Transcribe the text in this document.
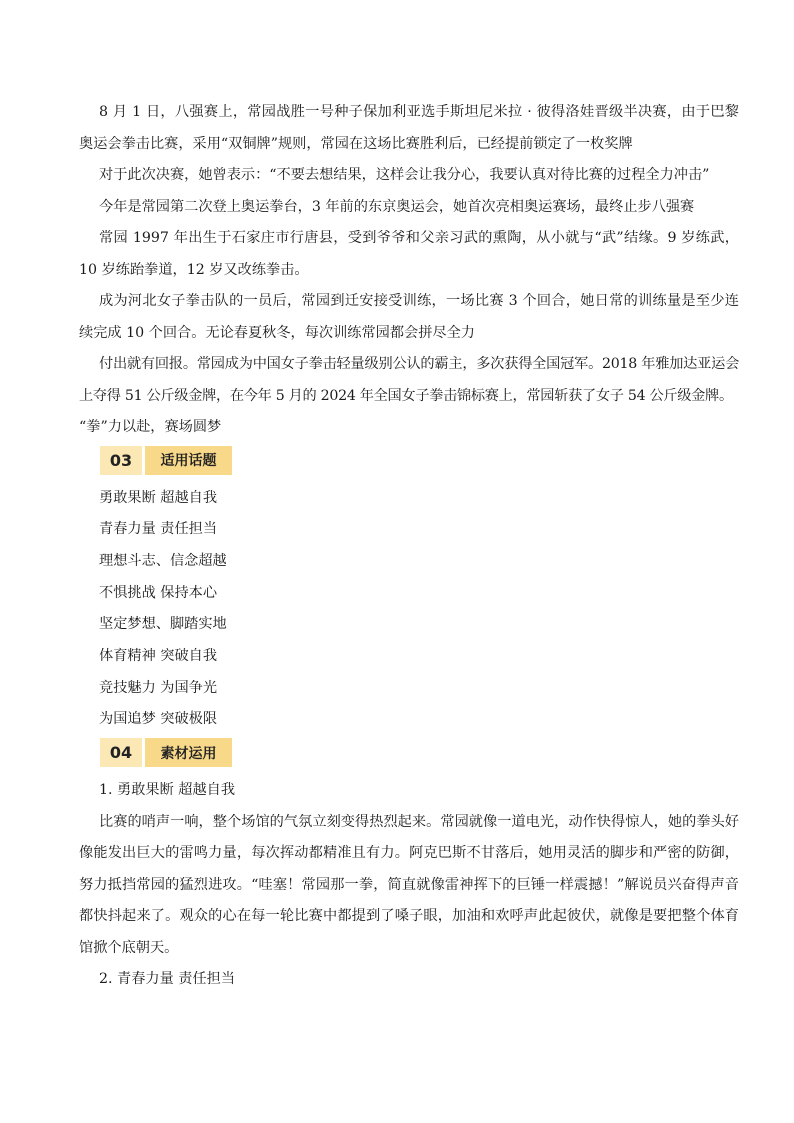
8 月 1 日，八强赛上，常园战胜一号种子保加利亚选手斯坦尼米拉 · 彼得洛娃晋级半决赛，由于巴黎奥运会拳击比赛，采用“双铜牌”规则，常园在这场比赛胜利后，已经提前锁定了一枚奖牌

对于此次决赛，她曾表示：“不要去想结果，这样会让我分心，我要认真对待比赛的过程全力冲击”

今年是常园第二次登上奥运拳台，3 年前的东京奥运会，她首次亮相奥运赛场，最终止步八强赛

常园 1997 年出生于石家庄市行唐县，受到爷爷和父亲习武的熏陶，从小就与“武”结缘。9 岁练武，10 岁练跆拳道，12 岁又改练拳击。

成为河北女子拳击队的一员后，常园到迁安接受训练，一场比赛 3 个回合，她日常的训练量是至少连续完成 10 个回合。无论春夏秋冬，每次训练常园都会拼尽全力

付出就有回报。常园成为中国女子拳击轻量级别公认的霸主，多次获得全国冠军。2018 年雅加达亚运会上夺得 51 公斤级金牌，在今年 5 月的 2024 年全国女子拳击锦标赛上，常园斩获了女子 54 公斤级金牌。

“拳”力以赴，赛场圆梦

03	适用话题
勇敢果断 超越自我
青春力量 责任担当
理想斗志、信念超越
不惧挑战 保持本心
坚定梦想、脚踏实地
体育精神 突破自我
竞技魅力 为国争光
为国追梦 突破极限
04	素材运用

1. 勇敢果断 超越自我

比赛的哨声一响，整个场馆的气氛立刻变得热烈起来。常园就像一道电光，动作快得惊人，她的拳头好像能发出巨大的雷鸣力量，每次挥动都精准且有力。阿克巴斯不甘落后，她用灵活的脚步和严密的防御，努力抵挡常园的猛烈进攻。“哇塞！常园那一拳，简直就像雷神挥下的巨锤一样震撼！”解说员兴奋得声音都快抖起来了。观众的心在每一轮比赛中都提到了嗓子眼，加油和欢呼声此起彼伏，就像是要把整个体育馆掀个底朝天。

2. 青春力量 责任担当
